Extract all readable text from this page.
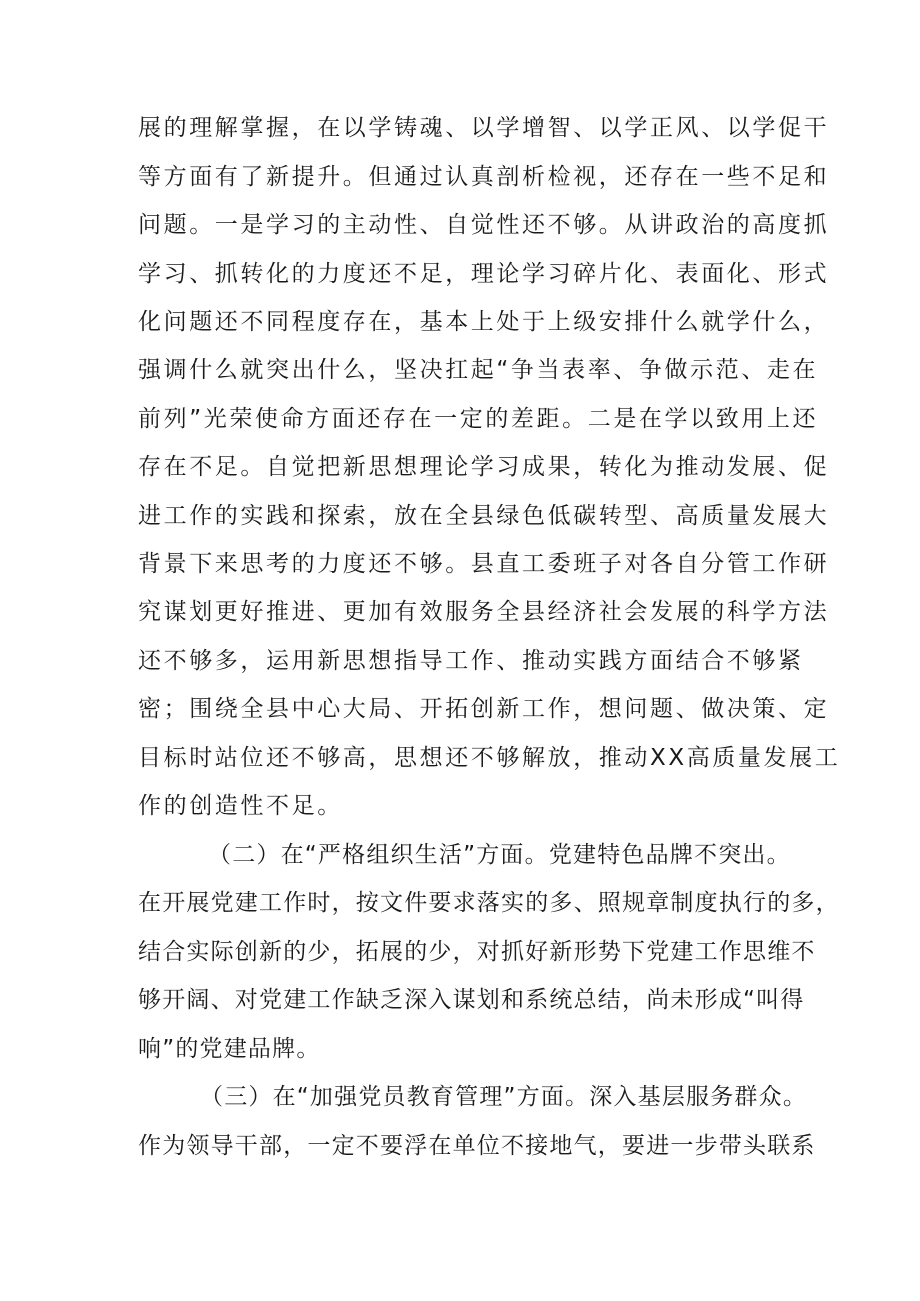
展的理解掌握，在以学铸魂、以学增智、以学正风、以学促干
等方面有了新提升。但通过认真剖析检视，还存在一些不足和
问题。一是学习的主动性、自觉性还不够。从讲政治的高度抓
学习、抓转化的力度还不足，理论学习碎片化、表面化、形式
化问题还不同程度存在，基本上处于上级安排什么就学什么，
强调什么就突出什么，坚决扛起“争当表率、争做示范、走在
前列”光荣使命方面还存在一定的差距。二是在学以致用上还
存在不足。自觉把新思想理论学习成果，转化为推动发展、促
进工作的实践和探索，放在全县绿色低碳转型、高质量发展大
背景下来思考的力度还不够。县直工委班子对各自分管工作研
究谋划更好推进、更加有效服务全县经济社会发展的科学方法
还不够多，运用新思想指导工作、推动实践方面结合不够紧
密；围绕全县中心大局、开拓创新工作，想问题、做决策、定
目标时站位还不够高，思想还不够解放，推动XX高质量发展工
作的创造性不足。
（二）在“严格组织生活”方面。党建特色品牌不突出。
在开展党建工作时，按文件要求落实的多、照规章制度执行的多，
结合实际创新的少，拓展的少，对抓好新形势下党建工作思维不
够开阔、对党建工作缺乏深入谋划和系统总结，尚未形成“叫得
响”的党建品牌。
（三）在“加强党员教育管理”方面。深入基层服务群众。
作为领导干部，一定不要浮在单位不接地气，要进一步带头联系
